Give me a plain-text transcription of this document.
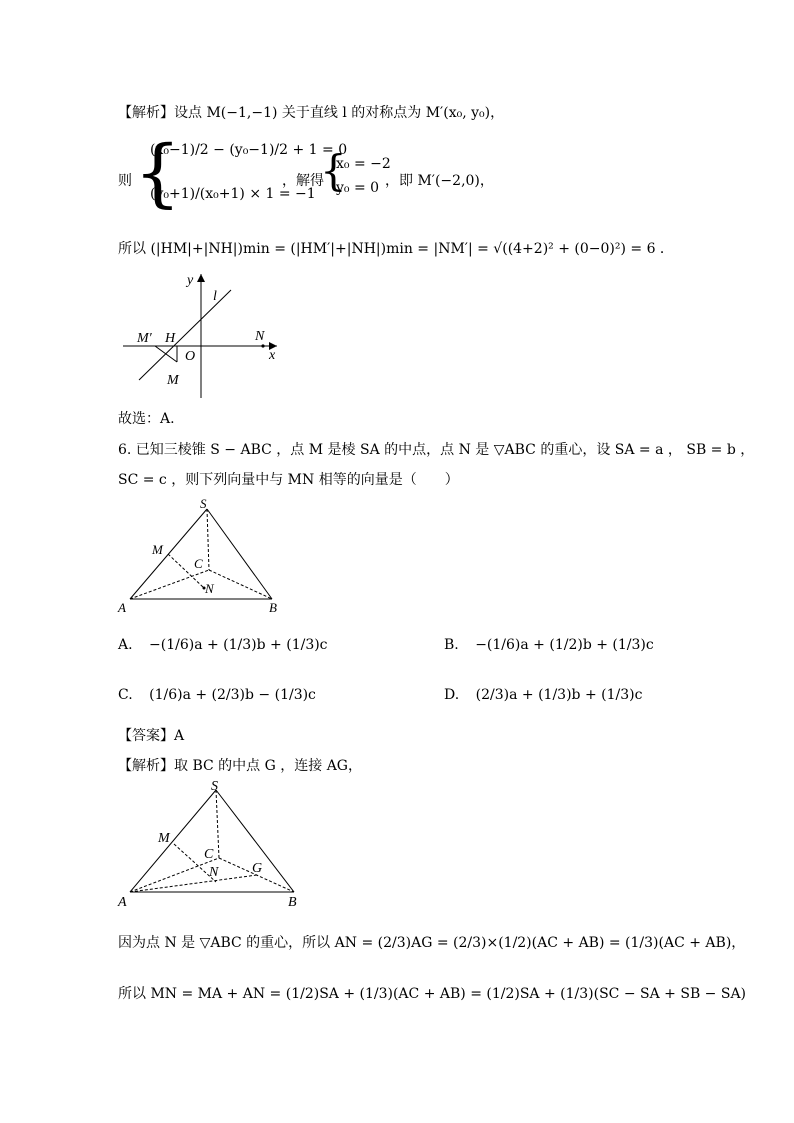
【解析】设点 M(−1,−1) 关于直线 l 的对称点为 M′(x₀, y₀)，
则 {
(x₀−1)/2 − (y₀−1)/2 + 1 = 0
(y₀+1)/(x₀+1) × 1 = −1
，解得
{
x₀ = −2
y₀ = 0 ，即 M′(−2,0)，
所以 (|HM|+|NH|)min = (|HM′|+|NH|)min = |NM′| = √((4+2)² + (0−0)²) = 6 ．
y
l
M′ H	N
O	x
M
故选：A.
6. 已知三棱锥 S − ABC ，点 M 是棱 SA 的中点，点 N 是 ▽ABC 的重心，设 SA = a ， SB = b ，
SC = c ，则下列向量中与 MN 相等的向量是（　　）
S
M
C
N
A	B
A. −(1/6)a + (1/3)b + (1/3)c	B. −(1/6)a + (1/2)b + (1/3)c
C. (1/6)a + (2/3)b − (1/3)c	D. (2/3)a + (1/3)b + (1/3)c
【答案】A
【解析】取 BC 的中点 G ，连接 AG，
S
M
C
G
N
A	B
因为点 N 是 ▽ABC 的重心，所以 AN = (2/3)AG = (2/3)×(1/2)(AC + AB) = (1/3)(AC + AB)，
所以 MN = MA + AN = (1/2)SA + (1/3)(AC + AB) = (1/2)SA + (1/3)(SC − SA + SB − SA)
